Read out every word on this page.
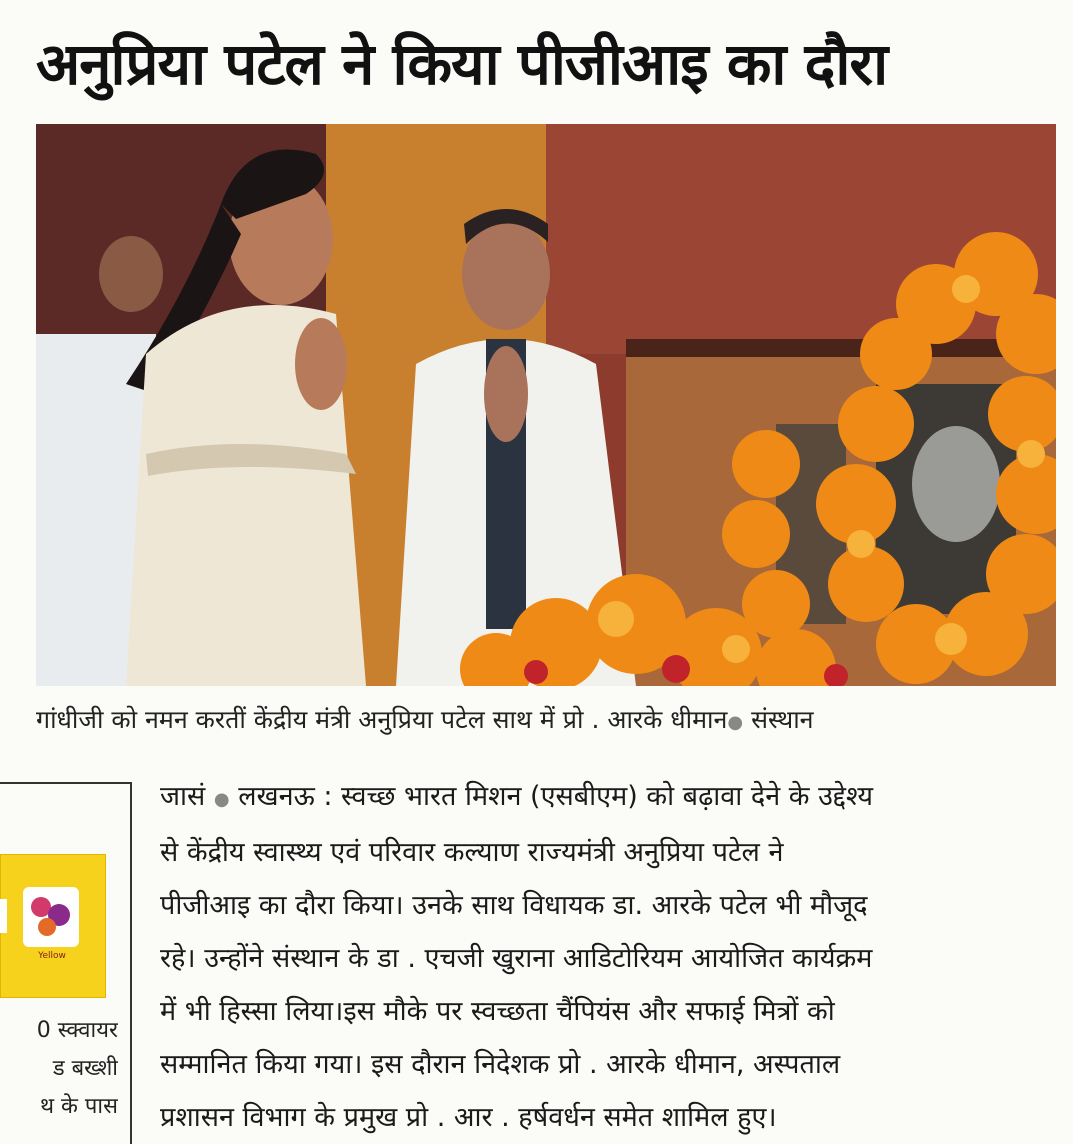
अनुप्रिया पटेल ने किया पीजीआइ का दौरा
गांधीजी को नमन करतीं केंद्रीय मंत्री अनुप्रिया पटेल साथ में प्रो . आरके धीमान● संस्थान
Yellow
0 स्क्वायर
ड बख्शी
थ के पास
जासं ● लखनऊ : स्वच्छ भारत मिशन (एसबीएम) को बढ़ावा देने के उद्देश्य
से केंद्रीय स्वास्थ्य एवं परिवार कल्याण राज्यमंत्री अनुप्रिया पटेल ने
पीजीआइ का दौरा किया। उनके साथ विधायक डा. आरके पटेल भी मौजूद
रहे। उन्होंने संस्थान के डा . एचजी खुराना आडिटोरियम आयोजित कार्यक्रम
में भी हिस्सा लिया।इस मौके पर स्वच्छता चैंपियंस और सफाई मित्रों को
सम्मानित किया गया। इस दौरान निदेशक प्रो . आरके धीमान, अस्पताल
प्रशासन विभाग के प्रमुख प्रो . आर . हर्षवर्धन समेत शामिल हुए।
